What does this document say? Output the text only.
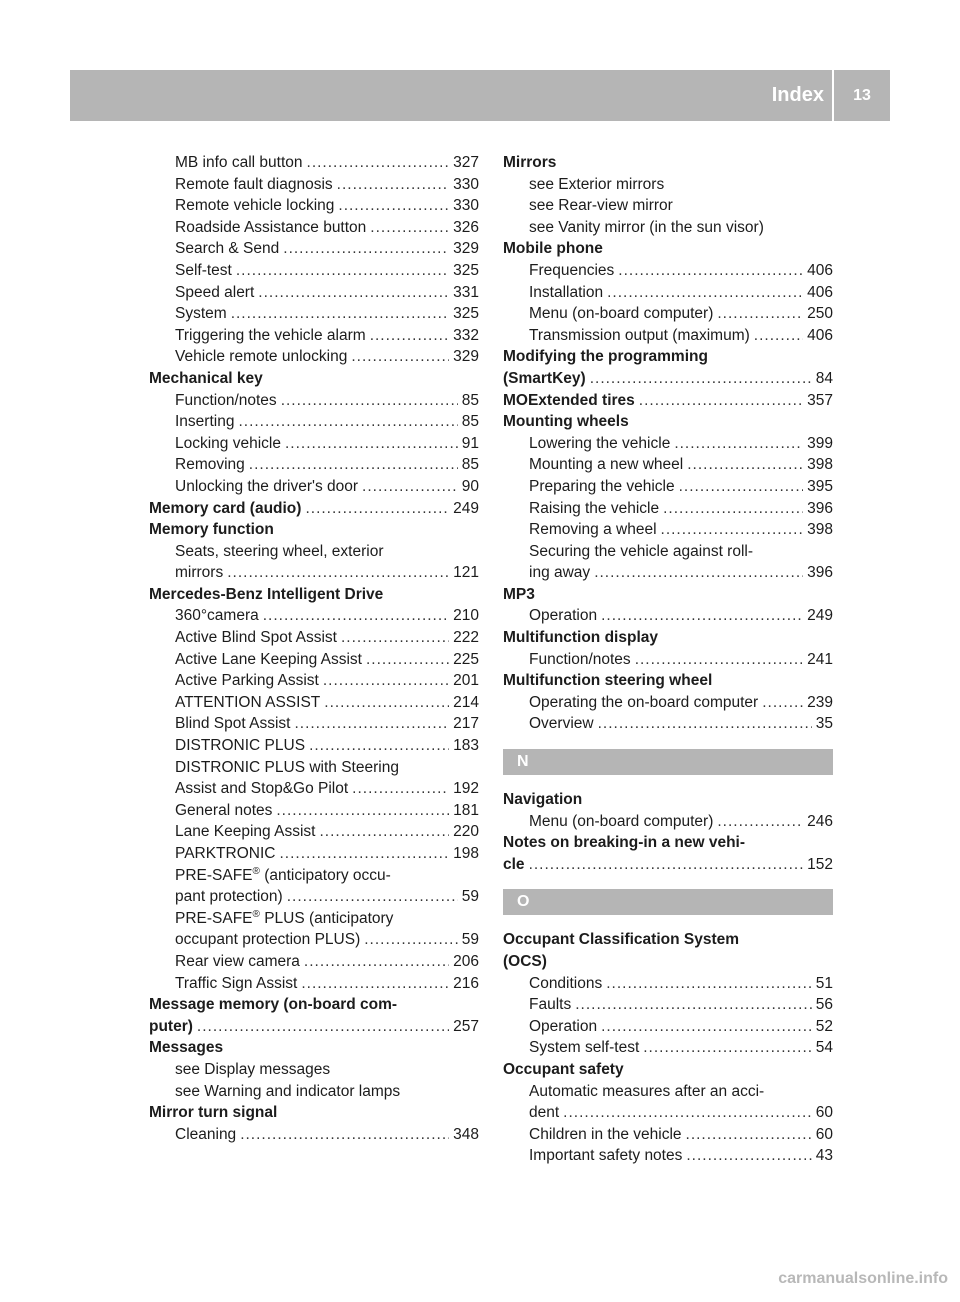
Index	13
MB info call button .....	327
Remote fault diagnosis .....	330
Remote vehicle locking .....	330
Roadside Assistance button .....	326
Search & Send .....	329
Self-test .....	325
Speed alert .....	331
System .....	325
Triggering the vehicle alarm .....	332
Vehicle remote unlocking .....	329
Mechanical key
Function/notes .....	85
Inserting .....	85
Locking vehicle .....	91
Removing .....	85
Unlocking the driver's door .....	90
Memory card (audio) .....	249
Memory function
Seats, steering wheel, exterior
mirrors .....	121
Mercedes-Benz Intelligent Drive
360°camera .....	210
Active Blind Spot Assist .....	222
Active Lane Keeping Assist .....	225
Active Parking Assist .....	201
ATTENTION ASSIST .....	214
Blind Spot Assist .....	217
DISTRONIC PLUS .....	183
DISTRONIC PLUS with Steering
Assist and Stop&Go Pilot .....	192
General notes .....	181
Lane Keeping Assist .....	220
PARKTRONIC .....	198
PRE-SAFE® (anticipatory occu-
pant protection) .....	59
PRE-SAFE® PLUS (anticipatory
occupant protection PLUS) .....	59
Rear view camera .....	206
Traffic Sign Assist .....	216
Message memory (on-board com-
puter) .....	257
Messages
see Display messages
see Warning and indicator lamps
Mirror turn signal
Cleaning .....	348
Mirrors
see Exterior mirrors
see Rear-view mirror
see Vanity mirror (in the sun visor)
Mobile phone
Frequencies .....	406
Installation .....	406
Menu (on-board computer) .....	250
Transmission output (maximum) .....	406
Modifying the programming
(SmartKey) .....	84
MOExtended tires .....	357
Mounting wheels
Lowering the vehicle .....	399
Mounting a new wheel .....	398
Preparing the vehicle .....	395
Raising the vehicle .....	396
Removing a wheel .....	398
Securing the vehicle against roll-
ing away .....	396
MP3
Operation .....	249
Multifunction display
Function/notes .....	241
Multifunction steering wheel
Operating the on-board computer .....	239
Overview .....	35
N
Navigation
Menu (on-board computer) .....	246
Notes on breaking-in a new vehi-
cle .....	152
O
Occupant Classification System
(OCS)
Conditions .....	51
Faults .....	56
Operation .....	52
System self-test .....	54
Occupant safety
Automatic measures after an acci-
dent .....	60
Children in the vehicle .....	60
Important safety notes .....	43
carmanualsonline.info
